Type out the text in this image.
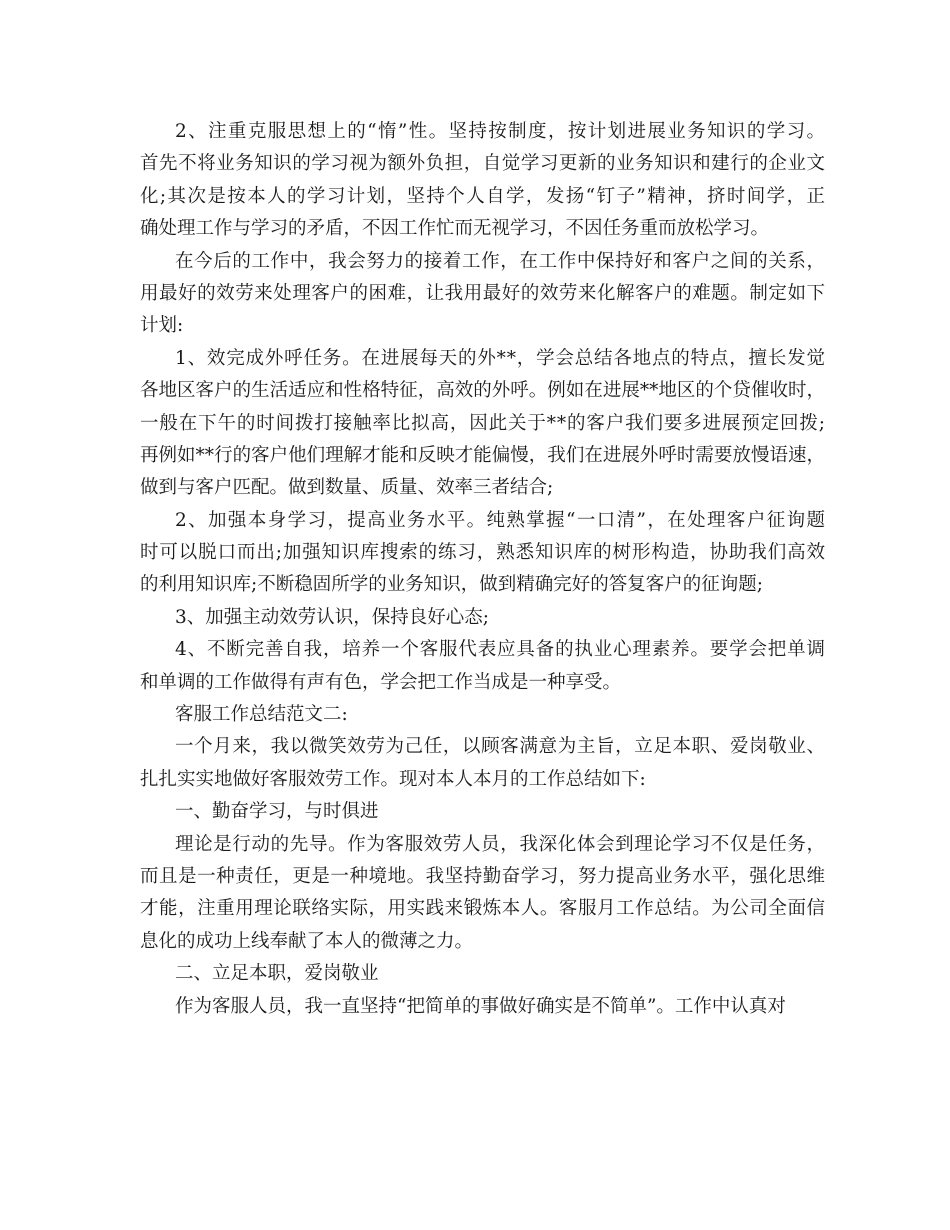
2、注重克服思想上的“惰”性。坚持按制度，按计划进展业务知识的学习。
首先不将业务知识的学习视为额外负担，自觉学习更新的业务知识和建行的企业文
化;其次是按本人的学习计划，坚持个人自学，发扬“钉子”精神，挤时间学，正
确处理工作与学习的矛盾，不因工作忙而无视学习，不因任务重而放松学习。
在今后的工作中，我会努力的接着工作，在工作中保持好和客户之间的关系，
用最好的效劳来处理客户的困难，让我用最好的效劳来化解客户的难题。制定如下
计划:
1、效完成外呼任务。在进展每天的外**，学会总结各地点的特点，擅长发觉
各地区客户的生活适应和性格特征，高效的外呼。例如在进展**地区的个贷催收时，
一般在下午的时间拨打接触率比拟高，因此关于**的客户我们要多进展预定回拨;
再例如**行的客户他们理解才能和反映才能偏慢，我们在进展外呼时需要放慢语速，
做到与客户匹配。做到数量、质量、效率三者结合;
2、加强本身学习，提高业务水平。纯熟掌握“一口清”，在处理客户征询题
时可以脱口而出;加强知识库搜索的练习，熟悉知识库的树形构造，协助我们高效
的利用知识库;不断稳固所学的业务知识，做到精确完好的答复客户的征询题;
3、加强主动效劳认识，保持良好心态;
4、不断完善自我，培养一个客服代表应具备的执业心理素养。要学会把单调
和单调的工作做得有声有色，学会把工作当成是一种享受。
客服工作总结范文二:
一个月来，我以微笑效劳为己任，以顾客满意为主旨，立足本职、爱岗敬业、
扎扎实实地做好客服效劳工作。现对本人本月的工作总结如下:
一、勤奋学习，与时俱进
理论是行动的先导。作为客服效劳人员，我深化体会到理论学习不仅是任务，
而且是一种责任，更是一种境地。我坚持勤奋学习，努力提高业务水平，强化思维
才能，注重用理论联络实际，用实践来锻炼本人。客服月工作总结。为公司全面信
息化的成功上线奉献了本人的微薄之力。
二、立足本职，爱岗敬业
作为客服人员，我一直坚持“把简单的事做好确实是不简单”。工作中认真对
